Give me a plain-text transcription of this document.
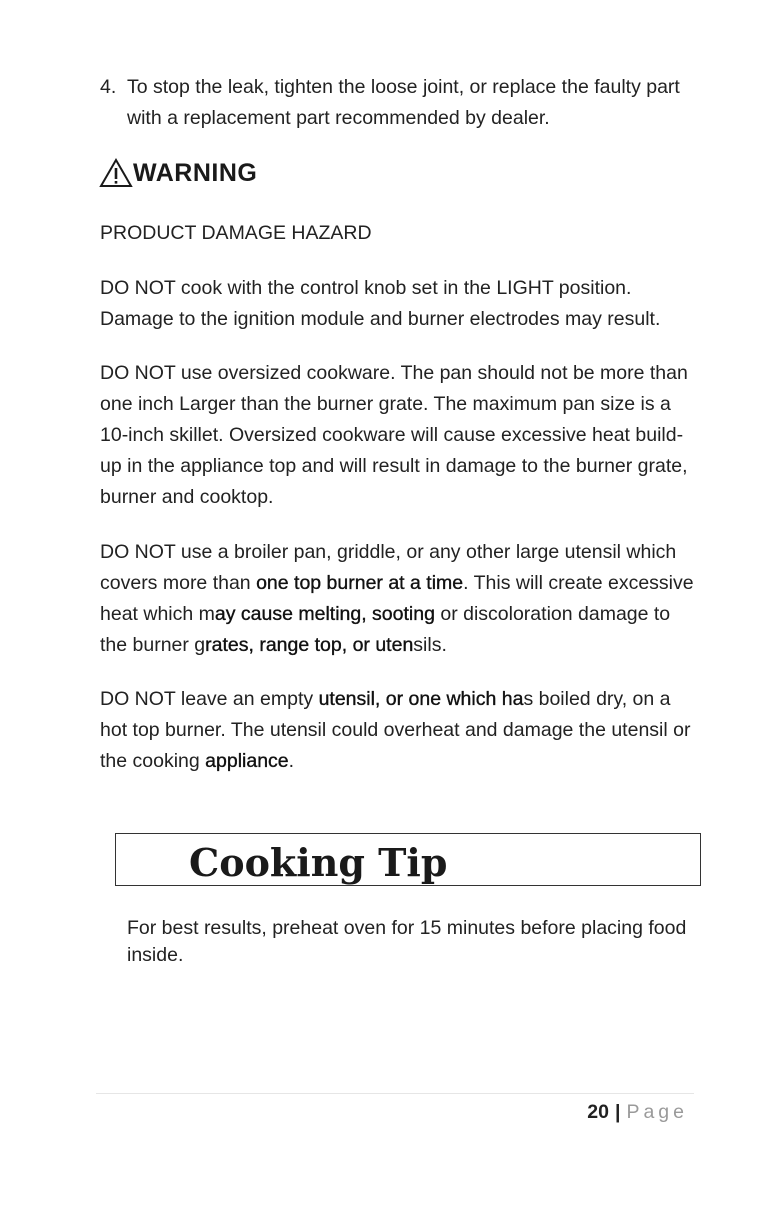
4. To stop the leak, tighten the loose joint, or replace the faulty part with a replacement part recommended by dealer.
WARNING
PRODUCT DAMAGE HAZARD
DO NOT cook with the control knob set in the LIGHT position. Damage to the ignition module and burner electrodes may result.
DO NOT use oversized cookware. The pan should not be more than one inch Larger than the burner grate. The maximum pan size is a 10-inch skillet. Oversized cookware will cause excessive heat build-up in the appliance top and will result in damage to the burner grate, burner and cooktop.
DO NOT use a broiler pan, griddle, or any other large utensil which covers more than one top burner at a time. This will create excessive heat which may cause melting, sooting or discoloration damage to the burner grates, range top, or utensils.
DO NOT leave an empty utensil, or one which has boiled dry, on a hot top burner. The utensil could overheat and damage the utensil or the cooking appliance.
Cooking Tip
For best results, preheat oven for 15 minutes before placing food inside.
20 | Page
